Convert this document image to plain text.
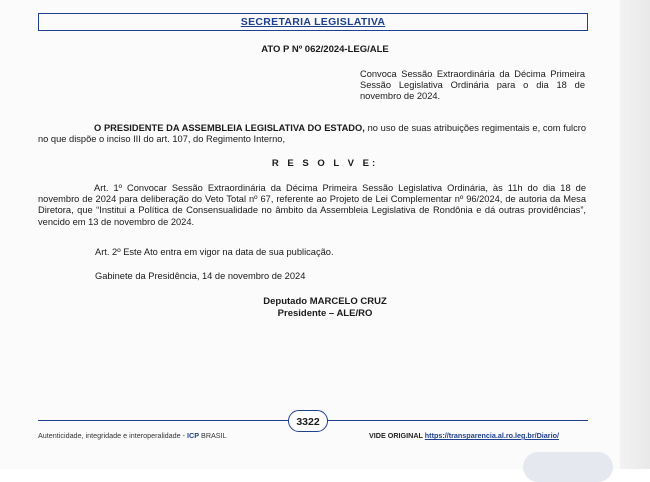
SECRETARIA LEGISLATIVA
ATO P Nº 062/2024-LEG/ALE
Convoca Sessão Extraordinária da Décima Primeira Sessão Legislativa Ordinária para o dia 18 de novembro de 2024.
O PRESIDENTE DA ASSEMBLEIA LEGISLATIVA DO ESTADO, no uso de suas atribuições regimentais e, com fulcro no que dispõe o inciso III do art. 107, do Regimento Interno,
R E S O L V E:
Art. 1º Convocar Sessão Extraordinária da Décima Primeira Sessão Legislativa Ordinária, às 11h do dia 18 de novembro de 2024 para deliberação do Veto Total nº 67, referente ao Projeto de Lei Complementar nº 96/2024, de autoria da Mesa Diretora, que “Institui a Política de Consensualidade no âmbito da Assembleia Legislativa de Rondônia e dá outras providências”, vencido em 13 de novembro de 2024.
Art. 2º Este Ato entra em vigor na data de sua publicação.
Gabinete da Presidência, 14 de novembro de 2024
Deputado MARCELO CRUZ
Presidente – ALE/RO
3322
Autenticidade, integridade e interoperalidade - ICP BRASIL	VIDE ORIGINAL https://transparencia.al.ro.leg.br/Diario/
